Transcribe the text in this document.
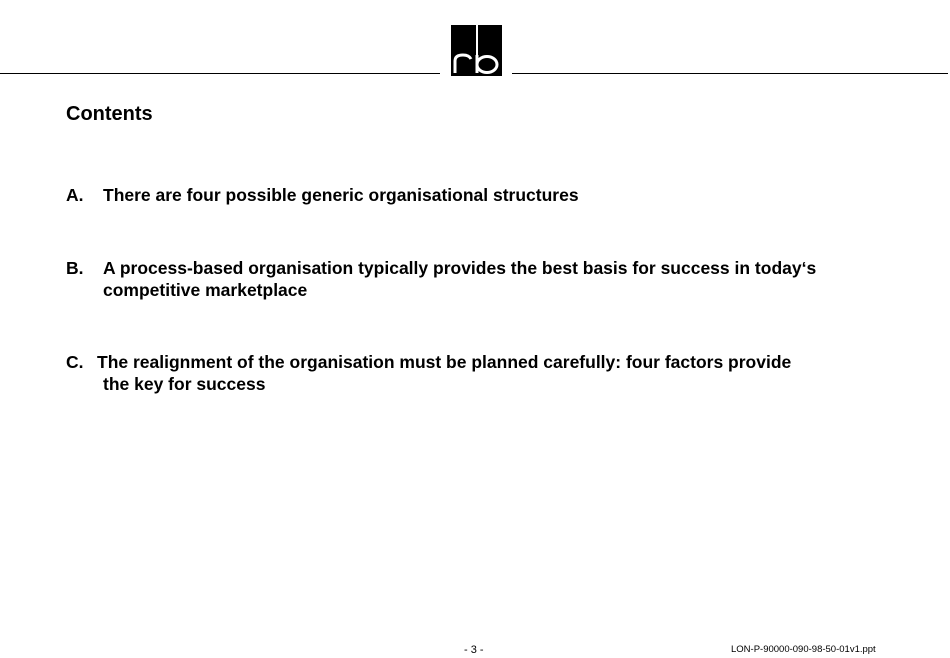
Contents
A.	There are four possible generic organisational structures
B.	A process-based organisation typically provides the best basis for success in today‘s competitive marketplace
C. The realignment of the organisation must be planned carefully: four factors provide
the key for success
- 3 -	LON-P-90000-090-98-50-01v1.ppt
